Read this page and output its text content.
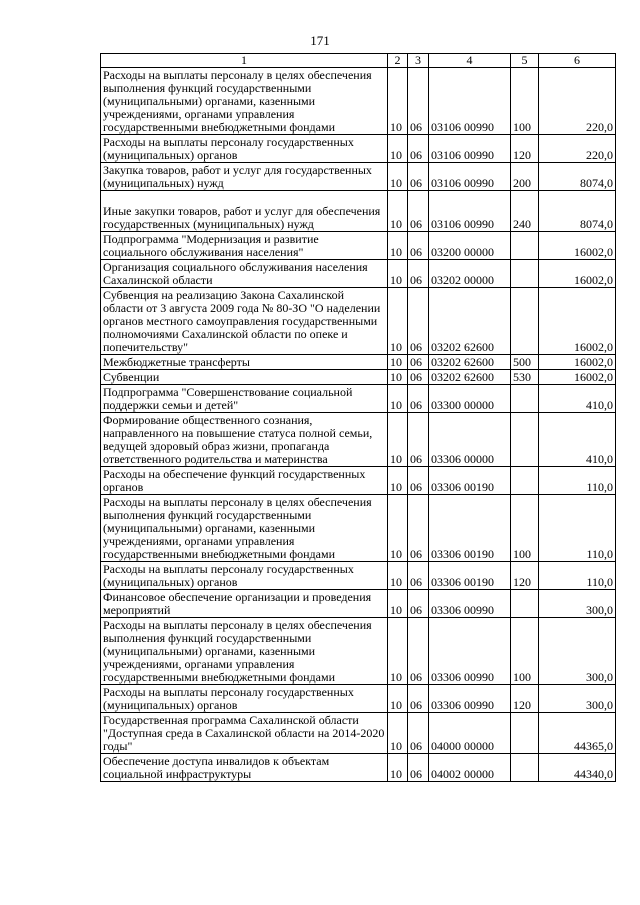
171
1	2	3	4	5	6
Расходы на выплаты персоналу в целях обеспечения выполнения функций государственными (муниципальными) органами, казенными учреждениями, органами управления государственными внебюджетными фондами	10	06	03106 00990	100	220,0
Расходы на выплаты персоналу государственных (муниципальных) органов	10	06	03106 00990	120	220,0
Закупка товаров, работ и услуг для государственных (муниципальных) нужд	10	06	03106 00990	200	8074,0
Иные закупки товаров, работ и услуг для обеспечения государственных (муниципальных) нужд	10	06	03106 00990	240	8074,0
Подпрограмма "Модернизация и развитие социального обслуживания населения"	10	06	03200 00000		16002,0
Организация социального обслуживания населения Сахалинской области	10	06	03202 00000		16002,0
Субвенция на реализацию Закона Сахалинской области от 3 августа 2009 года № 80-ЗО "О наделении органов местного самоуправления государственными полномочиями Сахалинской области по опеке и попечительству"	10	06	03202 62600		16002,0
Межбюджетные трансферты	10	06	03202 62600	500	16002,0
Субвенции	10	06	03202 62600	530	16002,0
Подпрограмма "Совершенствование социальной поддержки семьи и детей"	10	06	03300 00000		410,0
Формирование общественного сознания, направленного на повышение статуса полной семьи, ведущей здоровый образ жизни, пропаганда ответственного родительства и материнства	10	06	03306 00000		410,0
Расходы на обеспечение функций государственных органов	10	06	03306 00190		110,0
Расходы на выплаты персоналу в целях обеспечения выполнения функций государственными (муниципальными) органами, казенными учреждениями, органами управления государственными внебюджетными фондами	10	06	03306 00190	100	110,0
Расходы на выплаты персоналу государственных (муниципальных) органов	10	06	03306 00190	120	110,0
Финансовое обеспечение организации и проведения мероприятий	10	06	03306 00990		300,0
Расходы на выплаты персоналу в целях обеспечения выполнения функций государственными (муниципальными) органами, казенными учреждениями, органами управления государственными внебюджетными фондами	10	06	03306 00990	100	300,0
Расходы на выплаты персоналу государственных (муниципальных) органов	10	06	03306 00990	120	300,0
Государственная программа Сахалинской области "Доступная среда в Сахалинской области на 2014-2020 годы"	10	06	04000 00000		44365,0
Обеспечение доступа инвалидов к объектам социальной инфраструктуры	10	06	04002 00000		44340,0
